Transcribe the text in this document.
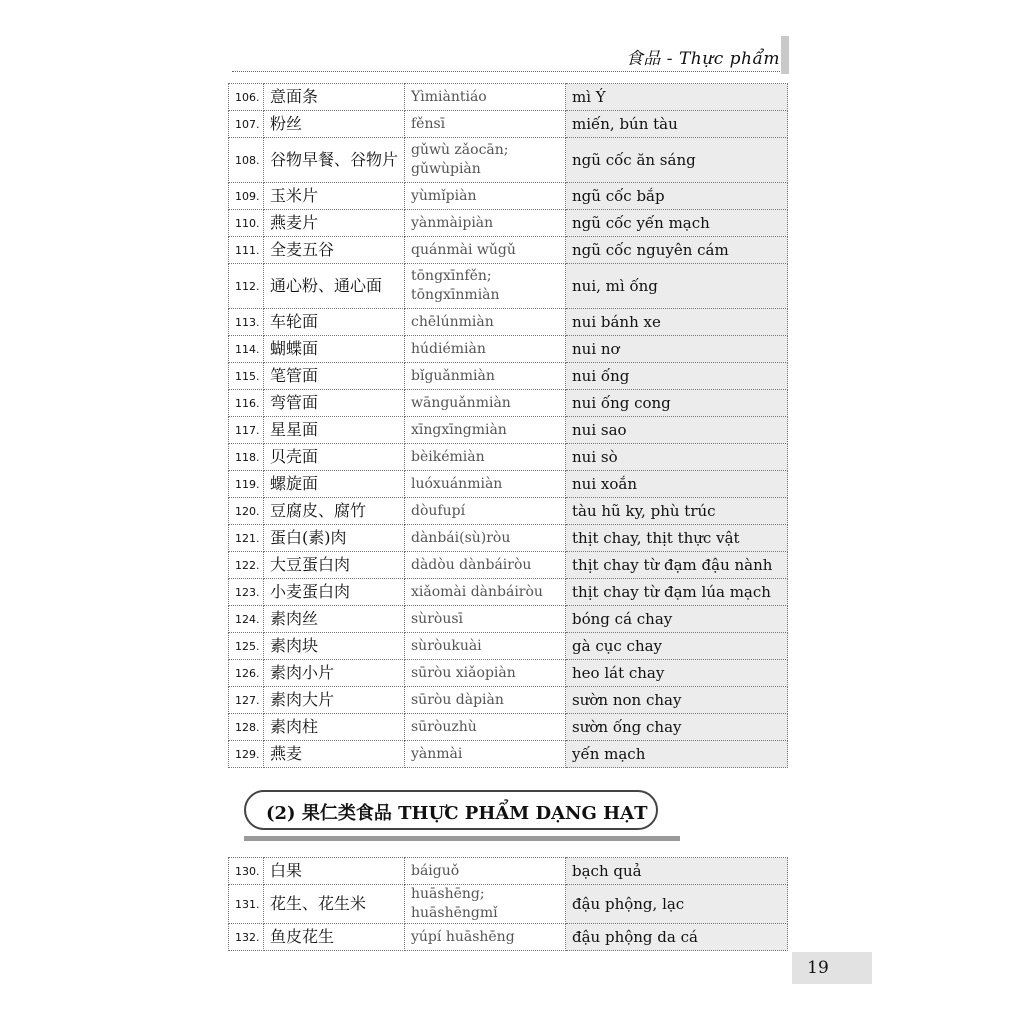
食品 - Thực phẩm
106.	意面条	Yìmiàntiáo	mì Ý
107.	粉丝	fěnsī	miến, bún tàu
108.	谷物早餐、谷物片	gǔwù zǎocān; gǔwùpiàn	ngũ cốc ăn sáng
109.	玉米片	yùmǐpiàn	ngũ cốc bắp
110.	燕麦片	yànmàipiàn	ngũ cốc yến mạch
111.	全麦五谷	quánmài wǔgǔ	ngũ cốc nguyên cám
112.	通心粉、通心面	tōngxīnfěn; tōngxīnmiàn	nui, mì ống
113.	车轮面	chēlúnmiàn	nui bánh xe
114.	蝴蝶面	húdiémiàn	nui nơ
115.	笔管面	bǐguǎnmiàn	nui ống
116.	弯管面	wānguǎnmiàn	nui ống cong
117.	星星面	xīngxīngmiàn	nui sao
118.	贝壳面	bèikémiàn	nui sò
119.	螺旋面	luóxuánmiàn	nui xoắn
120.	豆腐皮、腐竹	dòufupí	tàu hũ ky, phù trúc
121.	蛋白(素)肉	dànbái(sù)ròu	thịt chay, thịt thực vật
122.	大豆蛋白肉	dàdòu dànbáiròu	thịt chay từ đạm đậu nành
123.	小麦蛋白肉	xiǎomài dànbáiròu	thịt chay từ đạm lúa mạch
124.	素肉丝	sùròusī	bóng cá chay
125.	素肉块	sùròukuài	gà cục chay
126.	素肉小片	sūròu xiǎopiàn	heo lát chay
127.	素肉大片	sūròu dàpiàn	sườn non chay
128.	素肉柱	sūròuzhù	sườn ống chay
129.	燕麦	yànmài	yến mạch
(2) 果仁类食品 THỰC PHẨM DẠNG HẠT
130.	白果	báiguǒ	bạch quả
131.	花生、花生米	huāshēng; huāshēngmǐ	đậu phộng, lạc
132.	鱼皮花生	yúpí huāshēng	đậu phộng da cá
19
